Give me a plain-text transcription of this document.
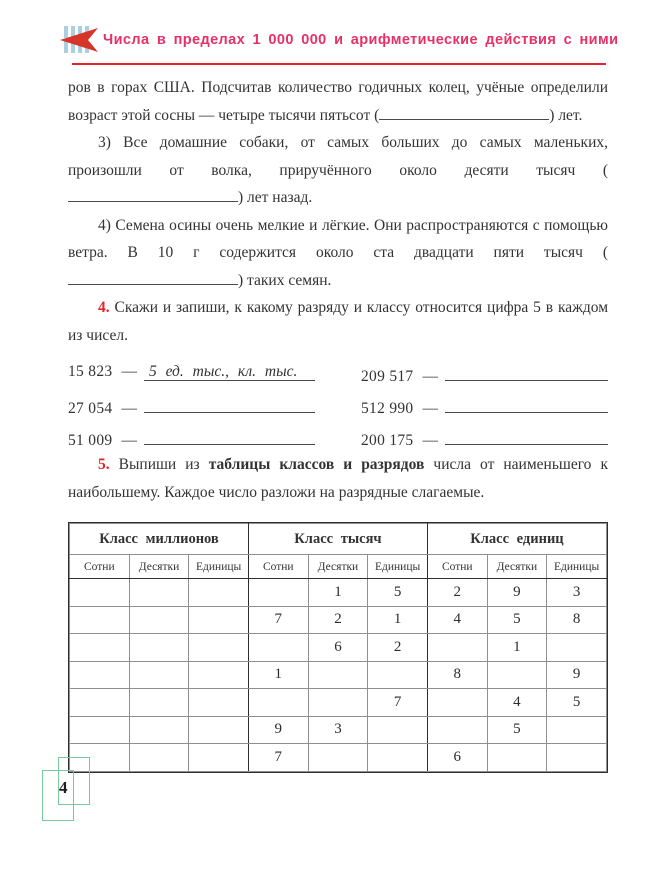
Числа в пределах 1 000 000 и арифметические действия с ними

ров в горах США. Подсчитав количество годичных колец, учёные определили возраст этой сосны — четыре тысячи пятьсот (	) лет.

3) Все домашние собаки, от самых больших до самых маленьких, произошли от волка, приручённого около десяти тысяч () лет назад.

4) Семена осины очень мелкие и лёгкие. Они распространяются с помощью ветра. В 10 г содержится около ста двадцати пяти тысяч () таких семян.

4. Скажи и запиши, к какому разряду и классу относится цифра 5 в каждом из чисел.

15 823 — 5 ед. тыс., кл. тыс.
27 054 —
51 009 —
209 517 —
512 990 —
200 175 —

5. Выпиши из таблицы классов и разрядов числа от наименьшего к наибольшему. Каждое число разложи на разрядные слагаемые.

Класс миллионов			Класс тысяч			Класс единиц		
Сотни	Десятки	Единицы	Сотни	Десятки	Единицы	Сотни	Десятки	Единицы
				1	5	2	9	3
			7	2	1	4	5	8
				6	2		1	
			1			8		9
					7		4	5
			9	3			5	
			7			6		
4
